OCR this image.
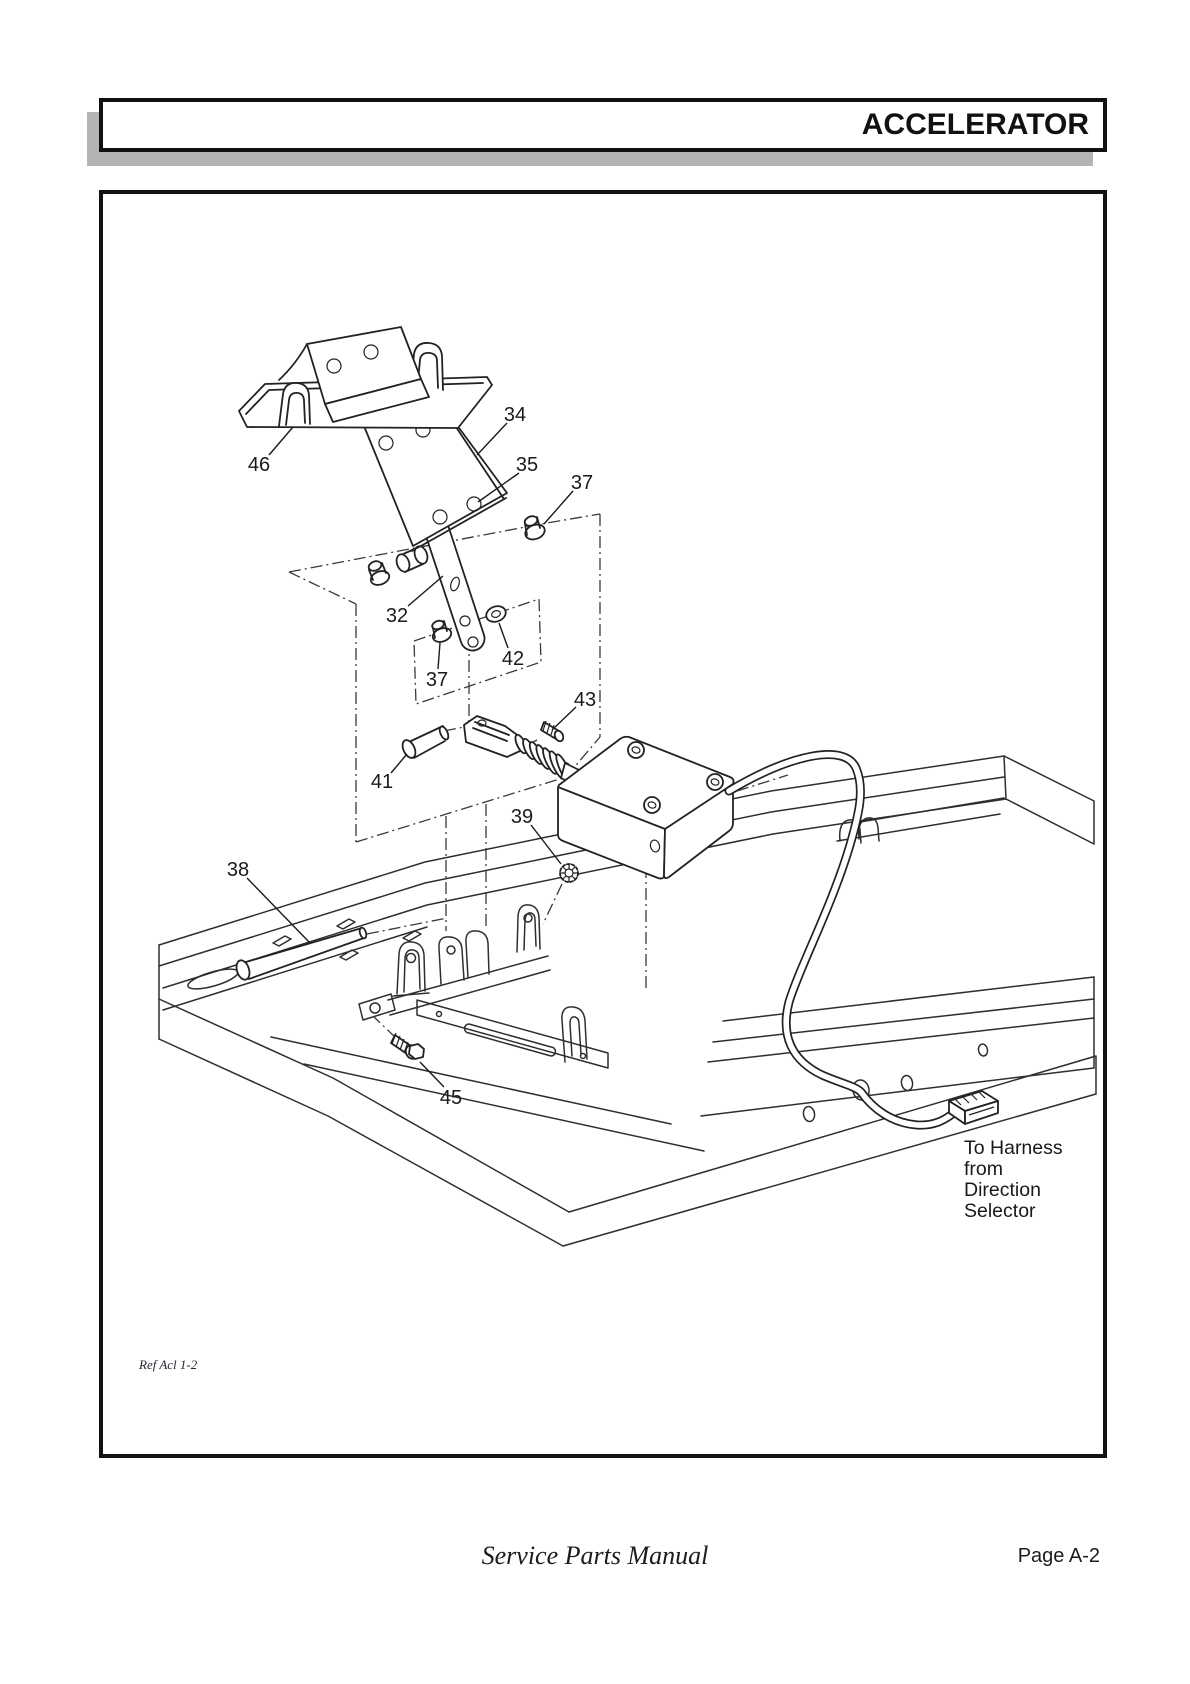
ACCELERATOR
34
46	35
37
32
42
37
43
41
39
38
45
To Harness from Direction Selector
Ref Acl 1-2
Service Parts Manual	Page A-2
